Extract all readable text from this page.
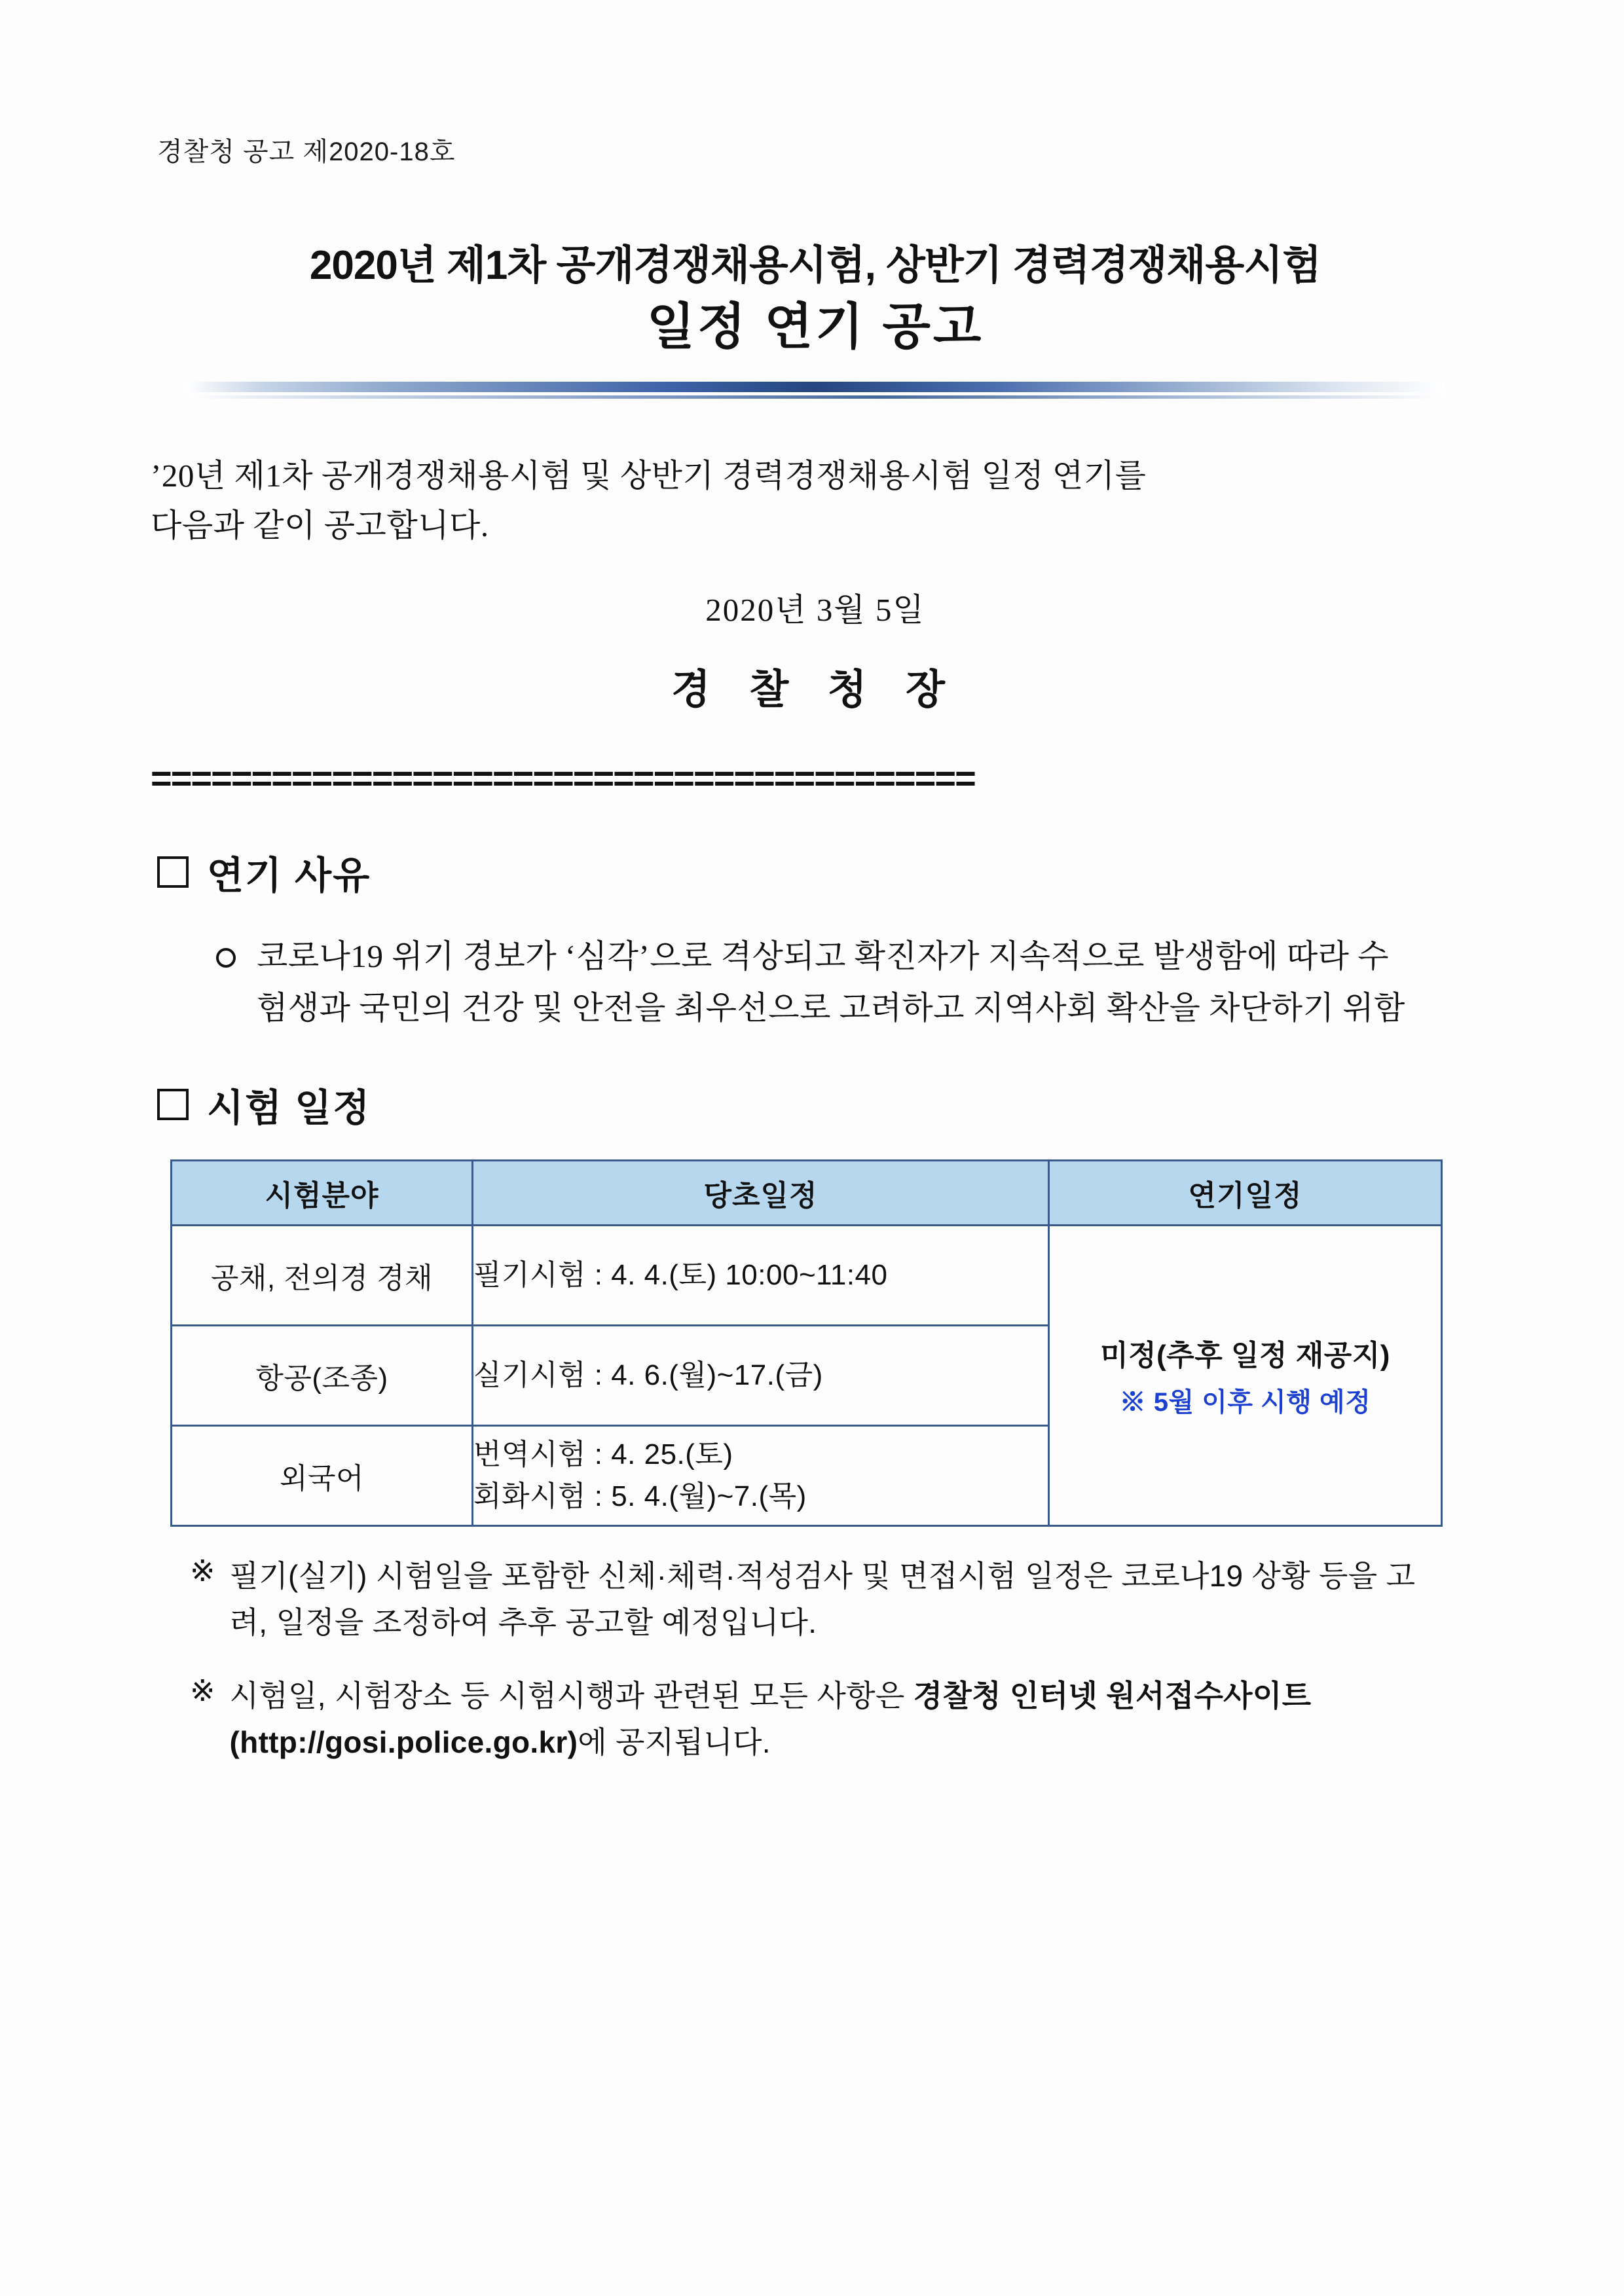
경찰청 공고 제2020-18호
2020년 제1차 공개경쟁채용시험, 상반기 경력경쟁채용시험
일정 연기 공고

’20년 제1차 공개경쟁채용시험 및 상반기 경력경쟁채용시험 일정 연기를

다음과 같이 공고합니다.

2020년 3월 5일
경 찰 청 장
=========================================
연기 사유
코로나19 위기 경보가 ‘심각’으로 격상되고 확진자가 지속적으로 발생함에 따라 수험생과 국민의 건강 및 안전을 최우선으로 고려하고 지역사회 확산을 차단하기 위함
시험 일정
시험분야	당초일정	연기일정
공채, 전의경 경채	필기시험 : 4. 4.(토) 10:00~11:40	미정(추후 일정 재공지)
※ 5월 이후 시행 예정

항공(조종)	실기시험 : 4. 6.(월)~17.(금)	
외국어	번역시험 : 4. 25.(토)
회화시험 : 5. 4.(월)~7.(목)	
※ 필기(실기) 시험일을 포함한 신체·체력·적성검사 및 면접시험 일정은 코로나19 상황 등을 고려, 일정을 조정하여 추후 공고할 예정입니다.
※ 시험일, 시험장소 등 시험시행과 관련된 모든 사항은 경찰청 인터넷 원서접수사이트(http://gosi.police.go.kr)에 공지됩니다.
